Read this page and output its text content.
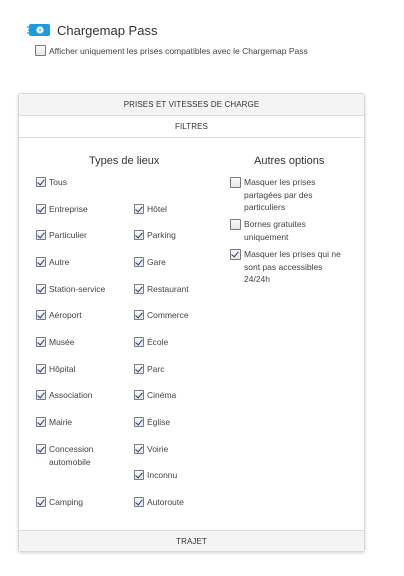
Chargemap Pass
Afficher uniquement les prises compatibles avec le Chargemap Pass
PRISES ET VITESSES DE CHARGE
FILTRES
Types de lieux	Autres options
Tous
Entreprise
Particulier
Autre
Station-service
Aéroport
Musée
Hôpital
Association
Mairie
Concession
automobile
Camping
Hôtel
Parking
Gare
Restaurant
Commerce
École
Parc
Cinéma
Église
Voirie
Inconnu
Autoroute
Masquer les prises
partagées par des
particuliers
Bornes gratuites
uniquement
Masquer les prises qui ne
sont pas accessibles
24/24h
TRAJET
